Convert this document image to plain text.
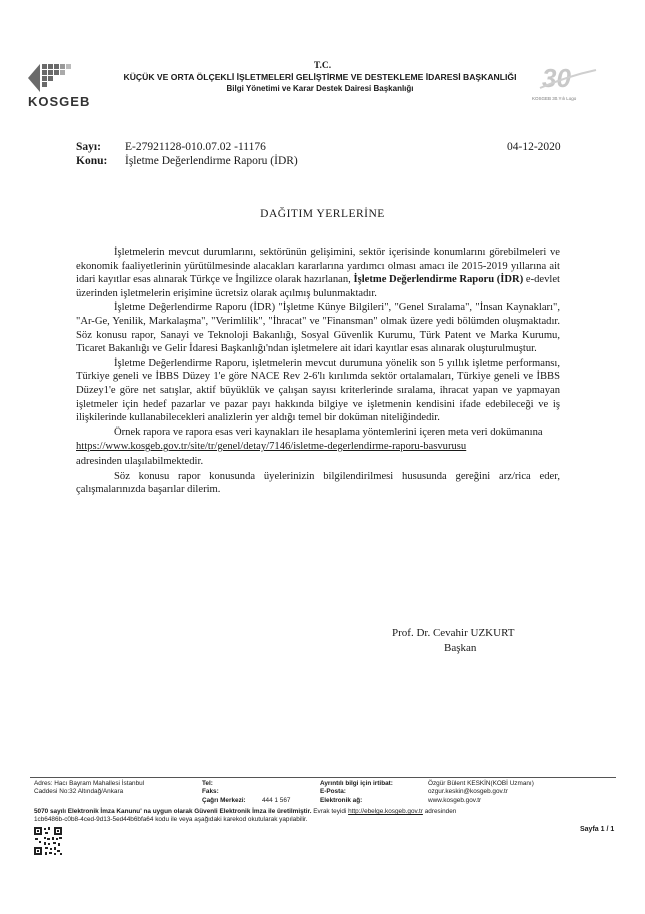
KOSGEB
T.C.
KÜÇÜK VE ORTA ÖLÇEKLİ İŞLETMELERİ GELİŞTİRME VE DESTEKLEME İDARESİ BAŞKANLIĞI
Bilgi Yönetimi ve Karar Destek Dairesi Başkanlığı	30
KOSGEB 30.Yılı Logo
Sayı: E-27921128-010.07.02 -11176
Konu: İşletme Değerlendirme Raporu (İDR)
04-12-2020
DAĞITIM YERLERİNE

İşletmelerin mevcut durumlarını, sektörünün gelişimini, sektör içerisinde konumlarını görebilmeleri ve ekonomik faaliyetlerinin yürütülmesinde alacakları kararlarına yardımcı olması amacı ile 2015-2019 yıllarına ait idari kayıtlar esas alınarak Türkçe ve İngilizce olarak hazırlanan, İşletme Değerlendirme Raporu (İDR) e-devlet üzerinden işletmelerin erişimine ücretsiz olarak açılmış bulunmaktadır.

İşletme Değerlendirme Raporu (İDR) "İşletme Künye Bilgileri", "Genel Sıralama", "İnsan Kaynakları", "Ar-Ge, Yenilik, Markalaşma", "Verimlilik", "İhracat" ve "Finansman" olmak üzere yedi bölümden oluşmaktadır. Söz konusu rapor, Sanayi ve Teknoloji Bakanlığı, Sosyal Güvenlik Kurumu, Türk Patent ve Marka Kurumu, Ticaret Bakanlığı ve Gelir İdaresi Başkanlığı'ndan işletmelere ait idari kayıtlar esas alınarak oluşturulmuştur.

İşletme Değerlendirme Raporu, işletmelerin mevcut durumuna yönelik son 5 yıllık işletme performansı, Türkiye geneli ve İBBS Düzey 1'e göre NACE Rev 2-6'lı kırılımda sektör ortalamaları, Türkiye geneli ve İBBS Düzey1'e göre net satışlar, aktif büyüklük ve çalışan sayısı kriterlerinde sıralama, ihracat yapan ve yapmayan işletmeler için hedef pazarlar ve pazar payı hakkında bilgiye ve işletmenin kendisini ifade edebileceği ve iş ilişkilerinde kullanabilecekleri analizlerin yer aldığı temel bir doküman niteliğindedir.

Örnek rapora ve rapora esas veri kaynakları ile hesaplama yöntemlerini içeren meta veri dokümanına

https://www.kosgeb.gov.tr/site/tr/genel/detay/7146/isletme-degerlendirme-raporu-basvurusu

adresinden ulaşılabilmektedir.

Söz konusu rapor konusunda üyelerinizin bilgilendirilmesi hususunda gereğini arz/rica eder, çalışmalarınızda başarılar dilerim.

Prof. Dr. Cevahir UZKURT
Başkan
Adres: Hacı Bayram Mahallesi İstanbul
Caddesi No:32 Altındağ/Ankara
Tel:
Faks:
Çağrı Merkezi:	444 1 567
Ayrıntılı bilgi için irtibat:
E-Posta:
Elektronik ağ:
Özgür Bülent KESKİN(KOBİ Uzmanı)
ozgur.keskin@kosgeb.gov.tr
www.kosgeb.gov.tr
5070 sayılı Elektronik İmza Kanunu' na uygun olarak Güvenli Elektronik İmza ile üretilmiştir. Evrak teyidi http://ebelge.kosgeb.gov.tr adresinden
1cb6486b-c0b8-4ced-9d13-5ed44b6bfa64 kodu ile veya aşağıdaki karekod okutularak yapılabilir.
Sayfa 1 / 1
